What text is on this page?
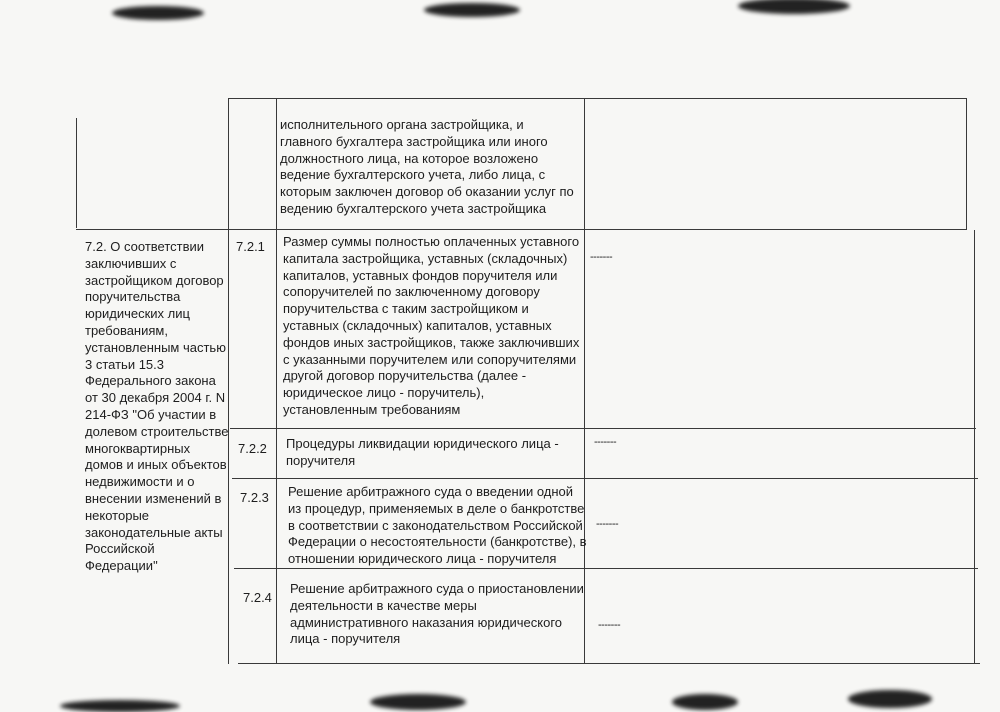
исполнительного органа застройщика, и
главного бухгалтера застройщика или иного
должностного лица, на которое возложено
ведение бухгалтерского учета, либо лица, с
которым заключен договор об оказании услуг по
ведению бухгалтерского учета застройщика
7.2. О соответствии
заключивших с
застройщиком договор
поручительства
юридических лиц
требованиям,
установленным частью
3 статьи 15.3
Федерального закона
от 30 декабря 2004 г. N
214-ФЗ "Об участии в
долевом строительстве
многоквартирных
домов и иных объектов
недвижимости и о
внесении изменений в
некоторые
законодательные акты
Российской
Федерации"
7.2.1 Размер суммы полностью оплаченных уставного
капитала застройщика, уставных (складочных)
капиталов, уставных фондов поручителя или
сопоручителей по заключенному договору
поручительства с таким застройщиком и
уставных (складочных) капиталов, уставных
фондов иных застройщиков, также заключивших
с указанными поручителем или сопоручителями
другой договор поручительства (далее -
юридическое лицо - поручитель),
установленным требованиям
-------
7.2.2 Процедуры ликвидации юридического лица -
поручителя
-------
7.2.3 Решение арбитражного суда о введении одной
из процедур, применяемых в деле о банкротстве
в соответствии с законодательством Российской
Федерации о несостоятельности (банкротстве), в
отношении юридического лица - поручителя
-------
7.2.4
Решение арбитражного суда о приостановлении
деятельности в качестве меры
административного наказания юридического
лица - поручителя
-------
